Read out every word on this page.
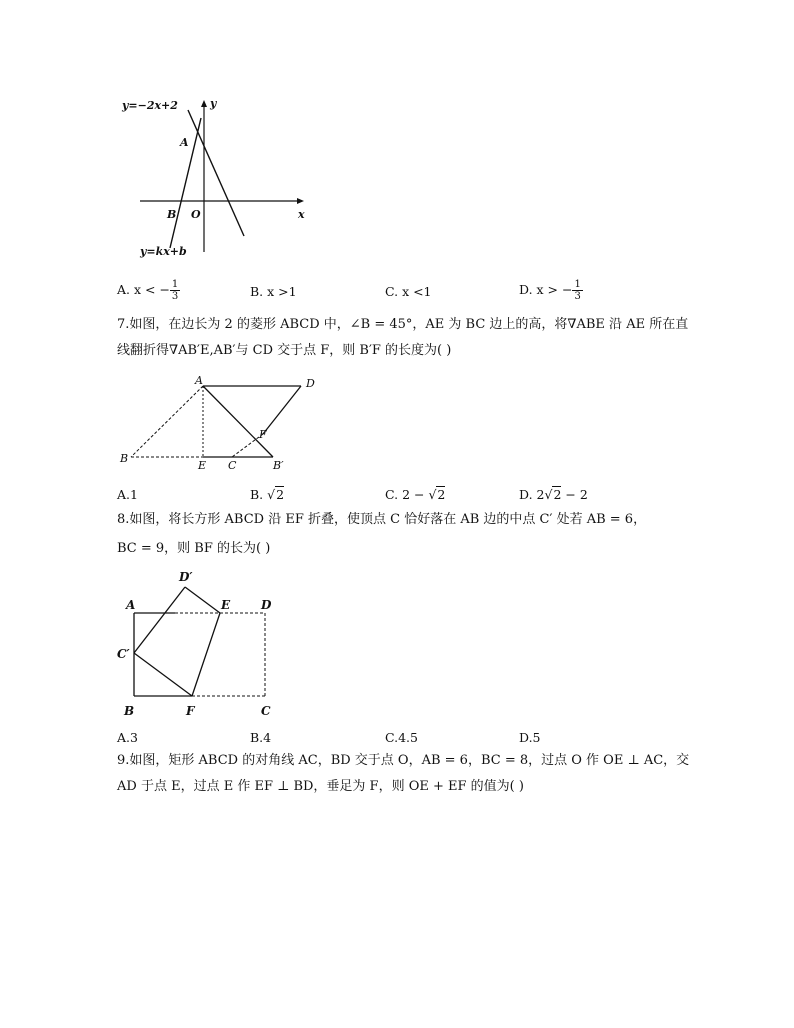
y=−2x+2	y
A
B O	x
y=kx+b
A. x < − $\frac{1}{3}$	B. x >1	C. x <1	D. x > − $\frac{1}{3}$
7.如图，在边长为 2 的菱形 ABCD 中，∠B = 45°，AE 为 BC 边上的高，将∇ABE 沿 AE 所在直
线翻折得∇AB′E,AB′与 CD 交于点 F，则 B′F 的长度为( )
A	D
F
B
E C	B′
A.1	B. √2	C. 2 − √2	D. 2√2 − 2
8.如图，将长方形 ABCD 沿 EF 折叠，使顶点 C 恰好落在 AB 边的中点 C′ 处若 AB = 6，
BC = 9，则 BF 的长为( )
D′
A	E	D
C′
B	F	C
A.3	B.4	C.4.5	D.5
9.如图，矩形 ABCD 的对角线 AC，BD 交于点 O，AB = 6，BC = 8，过点 O 作 OE ⊥ AC，交
AD 于点 E，过点 E 作 EF ⊥ BD，垂足为 F，则 OE + EF 的值为( )
